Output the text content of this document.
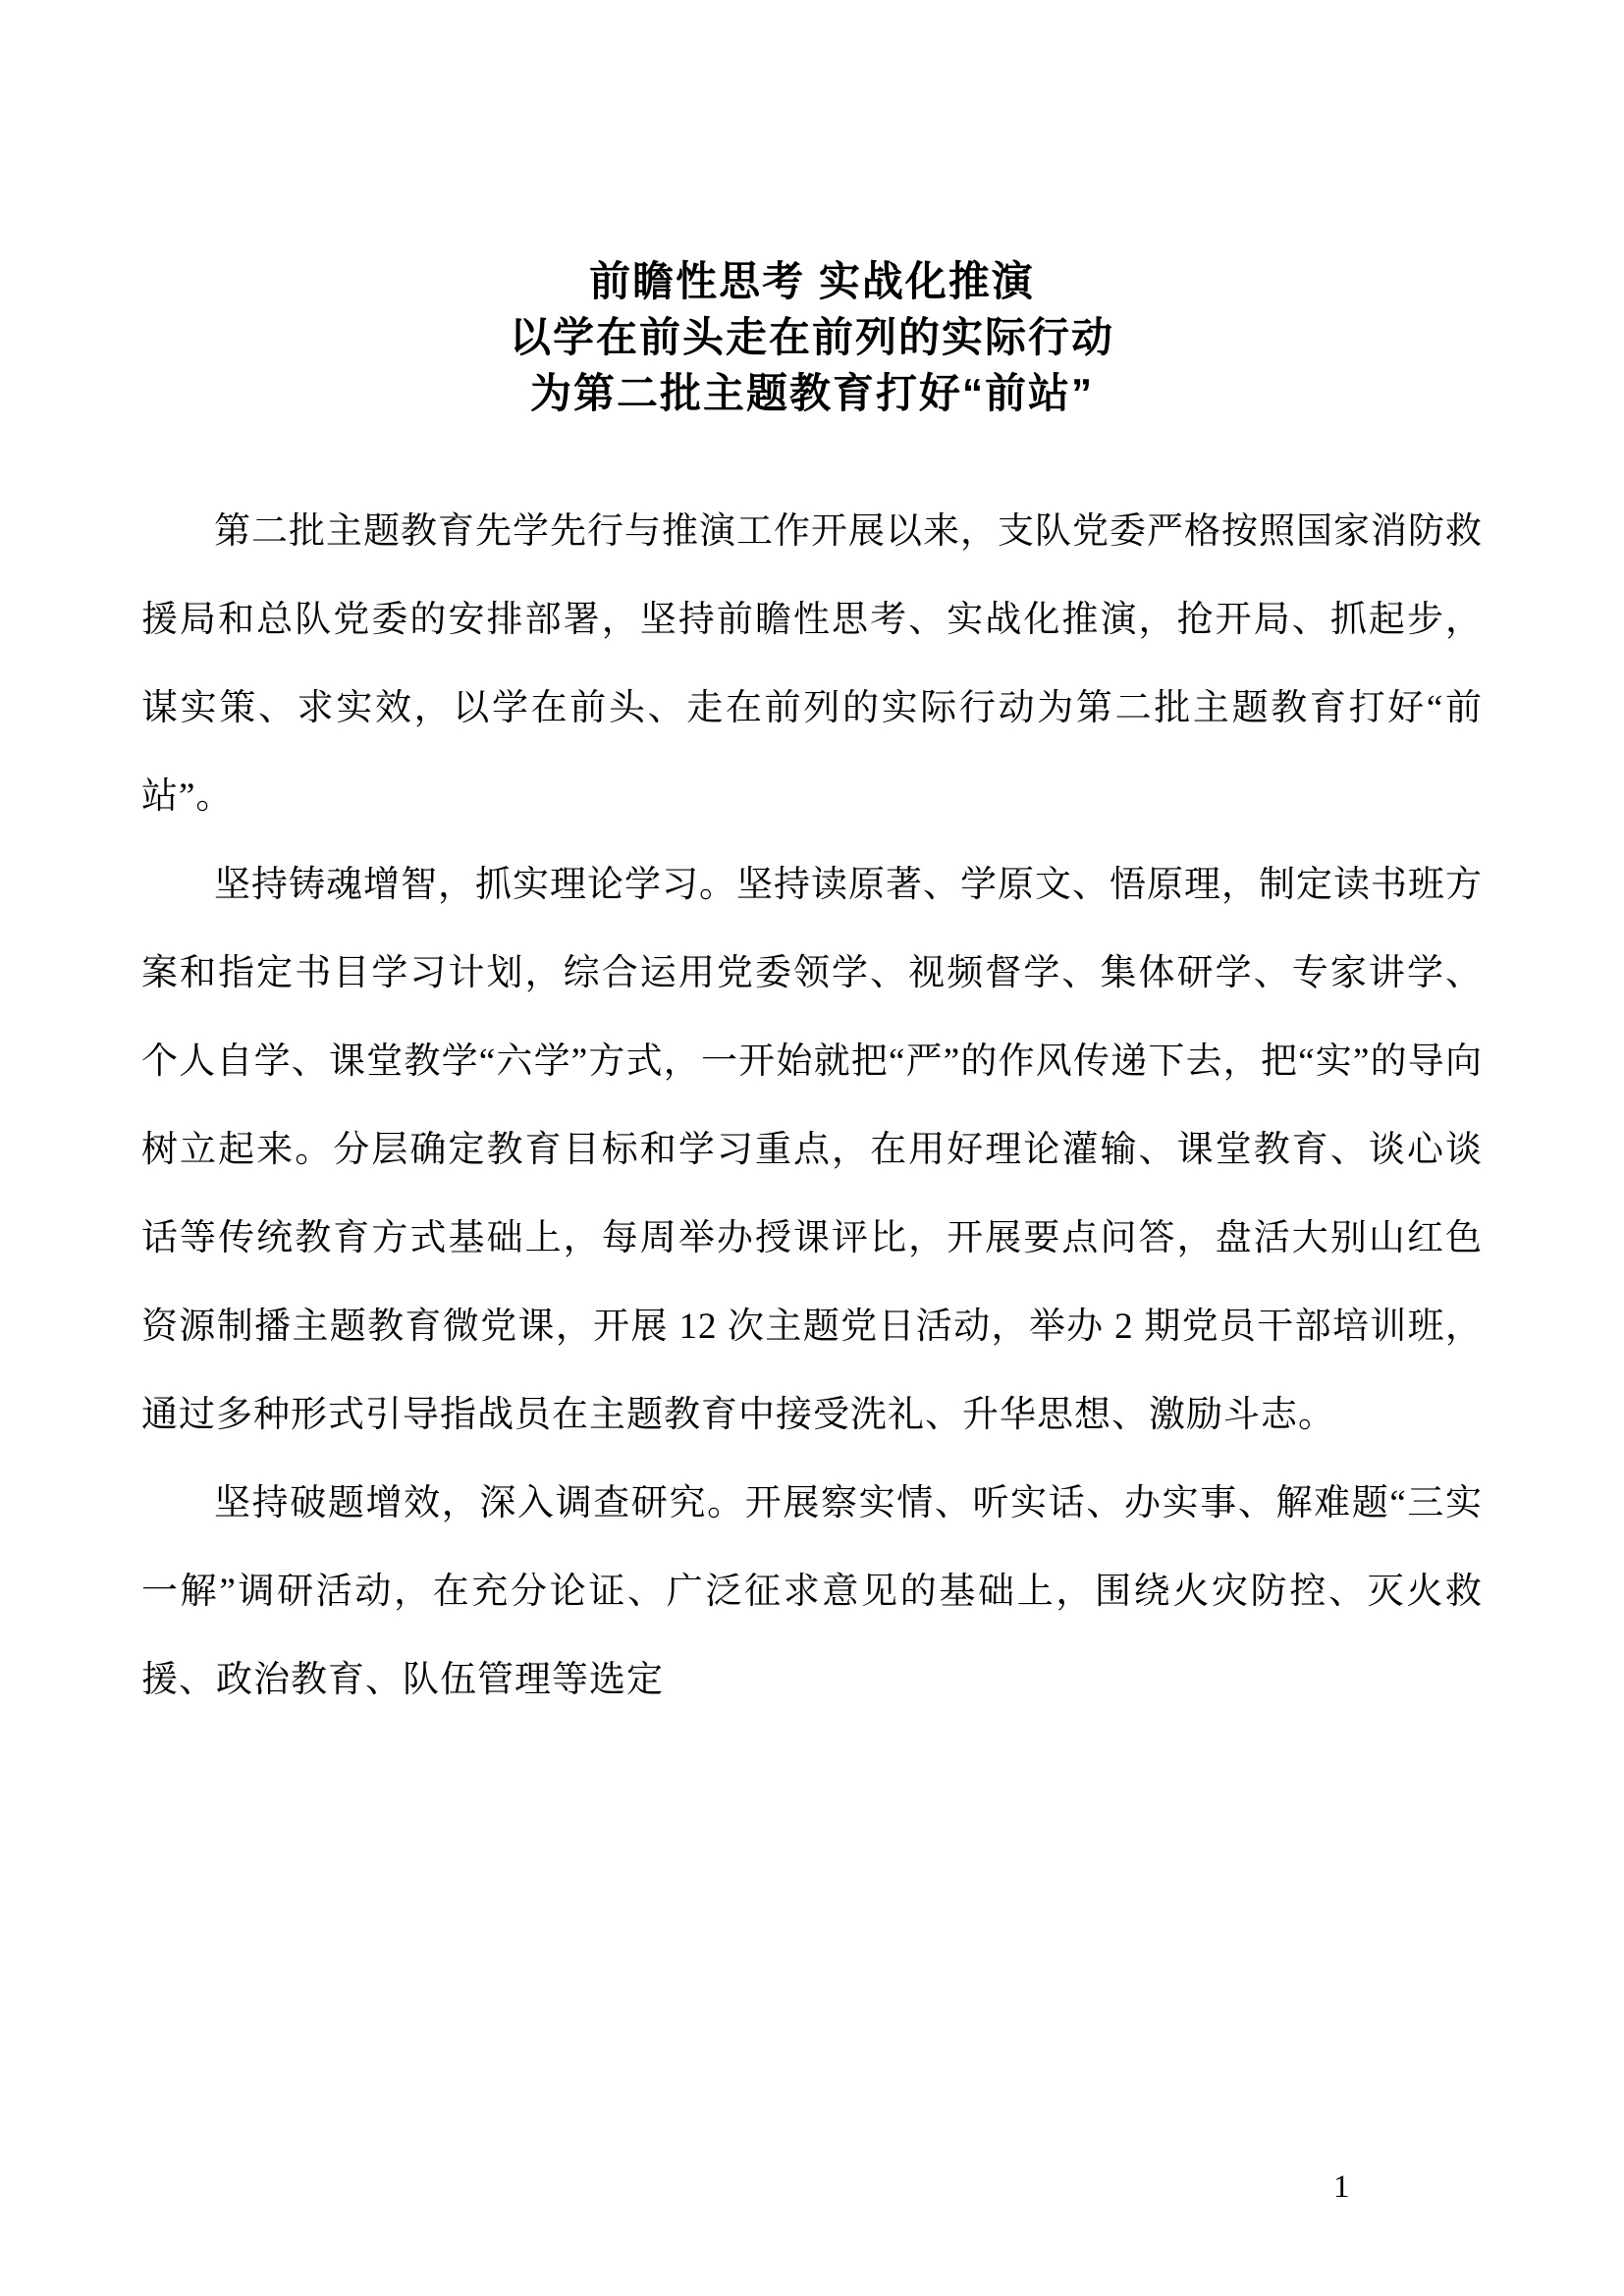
前瞻性思考 实战化推演
以学在前头走在前列的实际行动
为第二批主题教育打好“前站”

第二批主题教育先学先行与推演工作开展以来，支队党委严格按照国家消防救援局和总队党委的安排部署，坚持前瞻性思考、实战化推演，抢开局、抓起步，谋实策、求实效，以学在前头、走在前列的实际行动为第二批主题教育打好“前站”。

坚持铸魂增智，抓实理论学习。坚持读原著、学原文、悟原理，制定读书班方案和指定书目学习计划，综合运用党委领学、视频督学、集体研学、专家讲学、个人自学、课堂教学“六学”方式，一开始就把“严”的作风传递下去，把“实”的导向树立起来。分层确定教育目标和学习重点，在用好理论灌输、课堂教育、谈心谈话等传统教育方式基础上，每周举办授课评比，开展要点问答，盘活大别山红色资源制播主题教育微党课，开展 12 次主题党日活动，举办 2 期党员干部培训班，通过多种形式引导指战员在主题教育中接受洗礼、升华思想、激励斗志。

坚持破题增效，深入调查研究。开展察实情、听实话、办实事、解难题“三实一解”调研活动，在充分论证、广泛征求意见的基础上，围绕火灾防控、灭火救援、政治教育、队伍管理等选定

1
